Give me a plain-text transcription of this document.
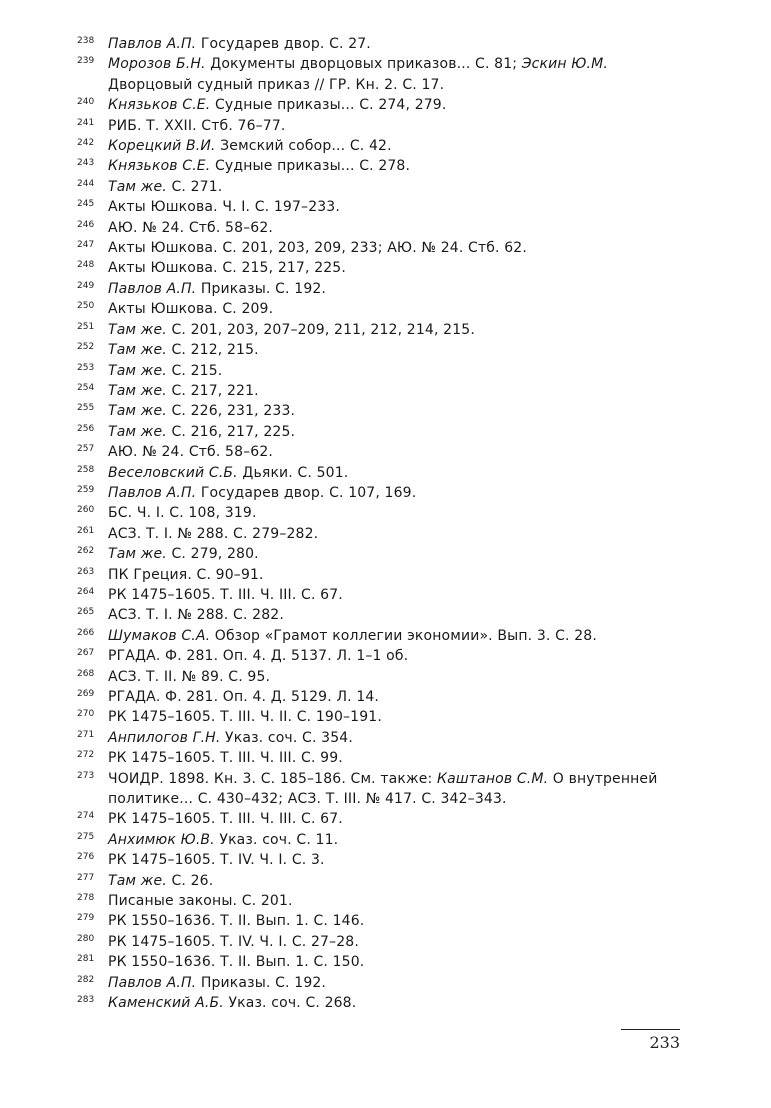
238 Павлов А.П. Государев двор. С. 27.
239 Морозов Б.Н. Документы дворцовых приказов... С. 81; Эскин Ю.М. Дворцовый судный приказ // ГР. Кн. 2. С. 17.
240 Князьков С.Е. Судные приказы... С. 274, 279.
241 РИБ. Т. XXII. Стб. 76–77.
242 Корецкий В.И. Земский собор... С. 42.
243 Князьков С.Е. Судные приказы... С. 278.
244 Там же. С. 271.
245 Акты Юшкова. Ч. I. С. 197–233.
246 АЮ. № 24. Стб. 58–62.
247 Акты Юшкова. С. 201, 203, 209, 233; АЮ. № 24. Стб. 62.
248 Акты Юшкова. С. 215, 217, 225.
249 Павлов А.П. Приказы. С. 192.
250 Акты Юшкова. С. 209.
251 Там же. С. 201, 203, 207–209, 211, 212, 214, 215.
252 Там же. С. 212, 215.
253 Там же. С. 215.
254 Там же. С. 217, 221.
255 Там же. С. 226, 231, 233.
256 Там же. С. 216, 217, 225.
257 АЮ. № 24. Стб. 58–62.
258 Веселовский С.Б. Дьяки. С. 501.
259 Павлов А.П. Государев двор. С. 107, 169.
260 БС. Ч. I. С. 108, 319.
261 АСЗ. Т. I. № 288. С. 279–282.
262 Там же. С. 279, 280.
263 ПК Греция. С. 90–91.
264 РК 1475–1605. Т. III. Ч. III. С. 67.
265 АСЗ. Т. I. № 288. С. 282.
266 Шумаков С.А. Обзор «Грамот коллегии экономии». Вып. 3. С. 28.
267 РГАДА. Ф. 281. Оп. 4. Д. 5137. Л. 1–1 об.
268 АСЗ. Т. II. № 89. С. 95.
269 РГАДА. Ф. 281. Оп. 4. Д. 5129. Л. 14.
270 РК 1475–1605. Т. III. Ч. II. С. 190–191.
271 Анпилогов Г.Н. Указ. соч. С. 354.
272 РК 1475–1605. Т. III. Ч. III. С. 99.
273 ЧОИДР. 1898. Кн. 3. С. 185–186. См. также: Каштанов С.М. О внутренней политике... С. 430–432; АСЗ. Т. III. № 417. С. 342–343.
274 РК 1475–1605. Т. III. Ч. III. С. 67.
275 Анхимюк Ю.В. Указ. соч. С. 11.
276 РК 1475–1605. Т. IV. Ч. I. С. 3.
277 Там же. С. 26.
278 Писаные законы. С. 201.
279 РК 1550–1636. Т. II. Вып. 1. С. 146.
280 РК 1475–1605. Т. IV. Ч. I. С. 27–28.
281 РК 1550–1636. Т. II. Вып. 1. С. 150.
282 Павлов А.П. Приказы. С. 192.
283 Каменский А.Б. Указ. соч. С. 268.
233
